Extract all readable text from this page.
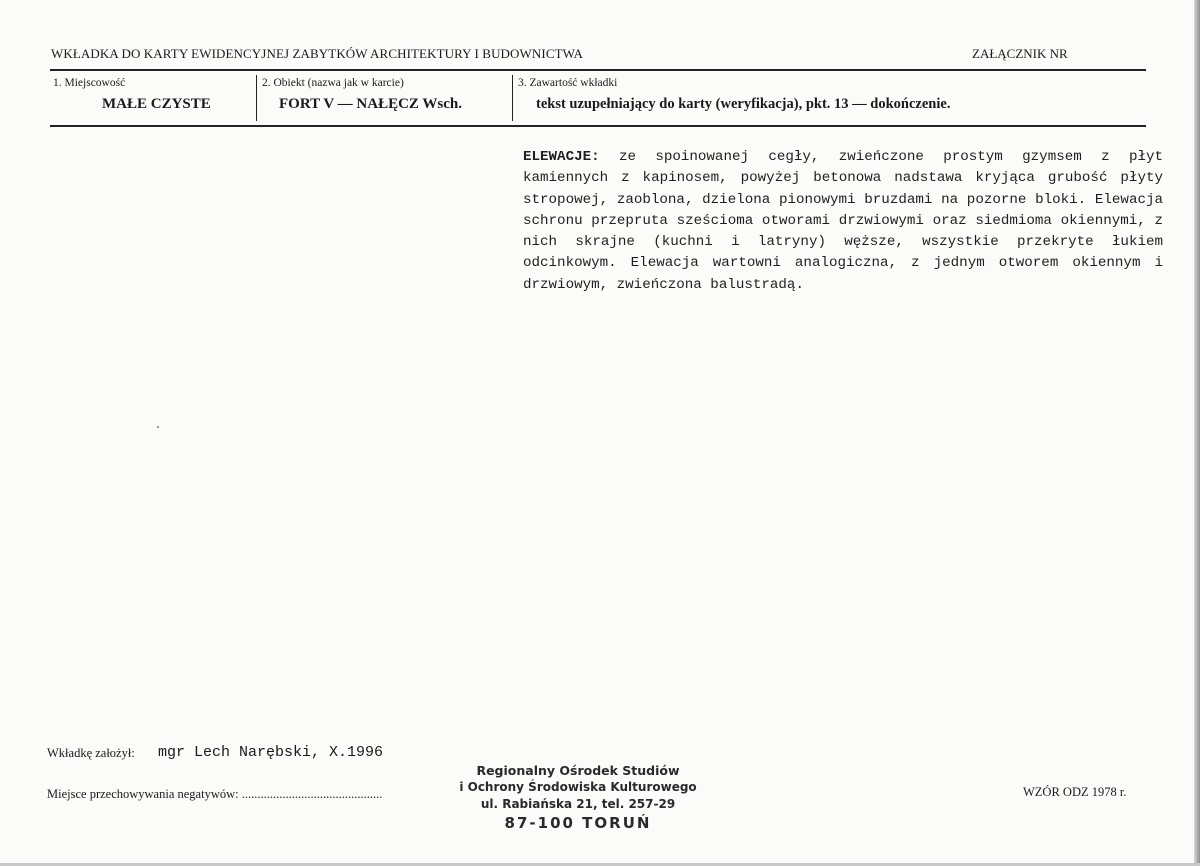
WKŁADKA DO KARTY EWIDENCYJNEJ ZABYTKÓW ARCHITEKTURY I BUDOWNICTWA	ZAŁĄCZNIK NR
1. Miejscowość
MAŁE CZYSTE
2. Obiekt (nazwa jak w karcie)
FORT V — NAŁĘCZ Wsch.
3. Zawartość wkładki
tekst uzupełniający do karty (weryfikacja), pkt. 13 — dokończenie.
ELEWACJE: ze spoinowanej cegły, zwieńczone prostym gzymsem z płyt kamiennych z kapinosem, powyżej betonowa nadstawa kryjąca grubość płyty stropowej, zaoblona, dzielona pionowymi bruzdami na pozorne bloki. Elewacja schronu przepruta sześcioma otworami drzwiowymi oraz siedmioma okiennymi, z nich skrajne (kuchni i latryny) węższe, wszystkie przekryte łukiem odcinkowym. Elewacja wartowni analogiczna, z jednym otworem okiennym i drzwiowym, zwieńczona balustradą.
Wkładkę założył: mgr Lech Narębski, X.1996
Miejsce przechowywania negatywów: .............................................
Regionalny Ośrodek Studiów
i Ochrony Środowiska Kulturowego
ul. Rabiańska 21, tel. 257-29
87-100 TORUŃ
WZÓR ODZ 1978 r.
